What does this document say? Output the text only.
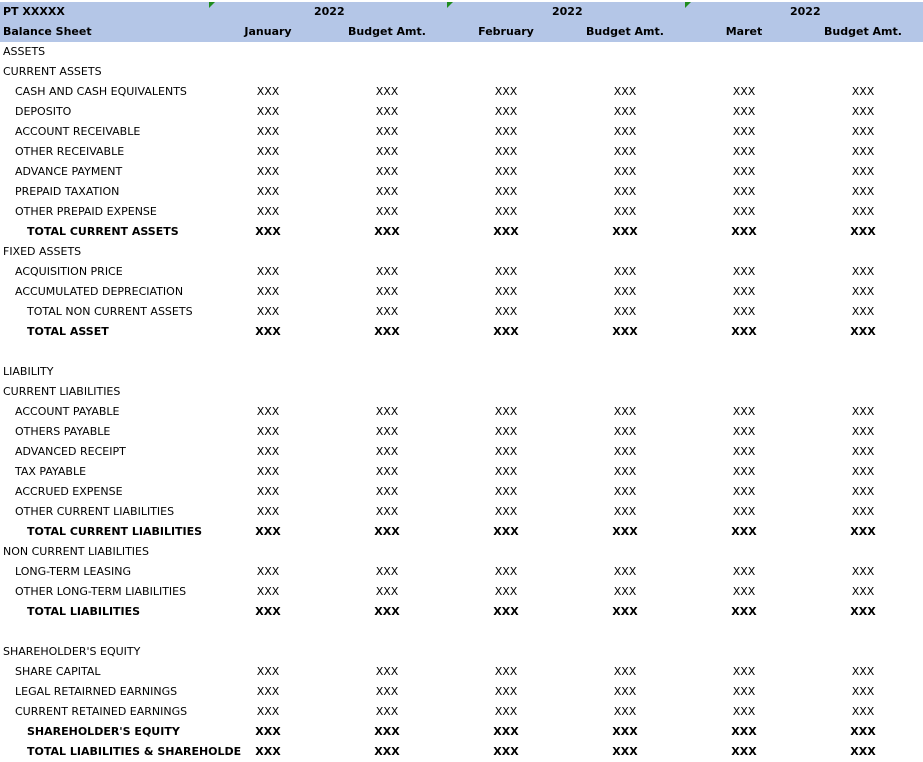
PT XXXXX	2022	2022	2022
Balance Sheet	January	Budget Amt.	February	Budget Amt.	Maret	Budget Amt.
ASSETS
CURRENT ASSETS
CASH AND CASH EQUIVALENTS	XXX	XXX	XXX	XXX	XXX	XXX
DEPOSITO	XXX	XXX	XXX	XXX	XXX	XXX
ACCOUNT RECEIVABLE	XXX	XXX	XXX	XXX	XXX	XXX
OTHER RECEIVABLE	XXX	XXX	XXX	XXX	XXX	XXX
ADVANCE PAYMENT	XXX	XXX	XXX	XXX	XXX	XXX
PREPAID TAXATION	XXX	XXX	XXX	XXX	XXX	XXX
OTHER PREPAID EXPENSE	XXX	XXX	XXX	XXX	XXX	XXX
TOTAL CURRENT ASSETS	XXX	XXX	XXX	XXX	XXX	XXX
FIXED ASSETS
ACQUISITION PRICE	XXX	XXX	XXX	XXX	XXX	XXX
ACCUMULATED DEPRECIATION	XXX	XXX	XXX	XXX	XXX	XXX
TOTAL NON CURRENT ASSETS	XXX	XXX	XXX	XXX	XXX	XXX
TOTAL ASSET	XXX	XXX	XXX	XXX	XXX	XXX
LIABILITY
CURRENT LIABILITIES
ACCOUNT PAYABLE	XXX	XXX	XXX	XXX	XXX	XXX
OTHERS PAYABLE	XXX	XXX	XXX	XXX	XXX	XXX
ADVANCED RECEIPT	XXX	XXX	XXX	XXX	XXX	XXX
TAX PAYABLE	XXX	XXX	XXX	XXX	XXX	XXX
ACCRUED EXPENSE	XXX	XXX	XXX	XXX	XXX	XXX
OTHER CURRENT LIABILITIES	XXX	XXX	XXX	XXX	XXX	XXX
TOTAL CURRENT LIABILITIES	XXX	XXX	XXX	XXX	XXX	XXX
NON CURRENT LIABILITIES
LONG-TERM LEASING	XXX	XXX	XXX	XXX	XXX	XXX
OTHER LONG-TERM LIABILITIES	XXX	XXX	XXX	XXX	XXX	XXX
TOTAL LIABILITIES	XXX	XXX	XXX	XXX	XXX	XXX
SHAREHOLDER'S EQUITY
SHARE CAPITAL	XXX	XXX	XXX	XXX	XXX	XXX
LEGAL RETAIRNED EARNINGS	XXX	XXX	XXX	XXX	XXX	XXX
CURRENT RETAINED EARNINGS	XXX	XXX	XXX	XXX	XXX	XXX
SHAREHOLDER'S EQUITY	XXX	XXX	XXX	XXX	XXX	XXX
TOTAL LIABILITIES & SHAREHOLDE	XXX	XXX	XXX	XXX	XXX	XXX
